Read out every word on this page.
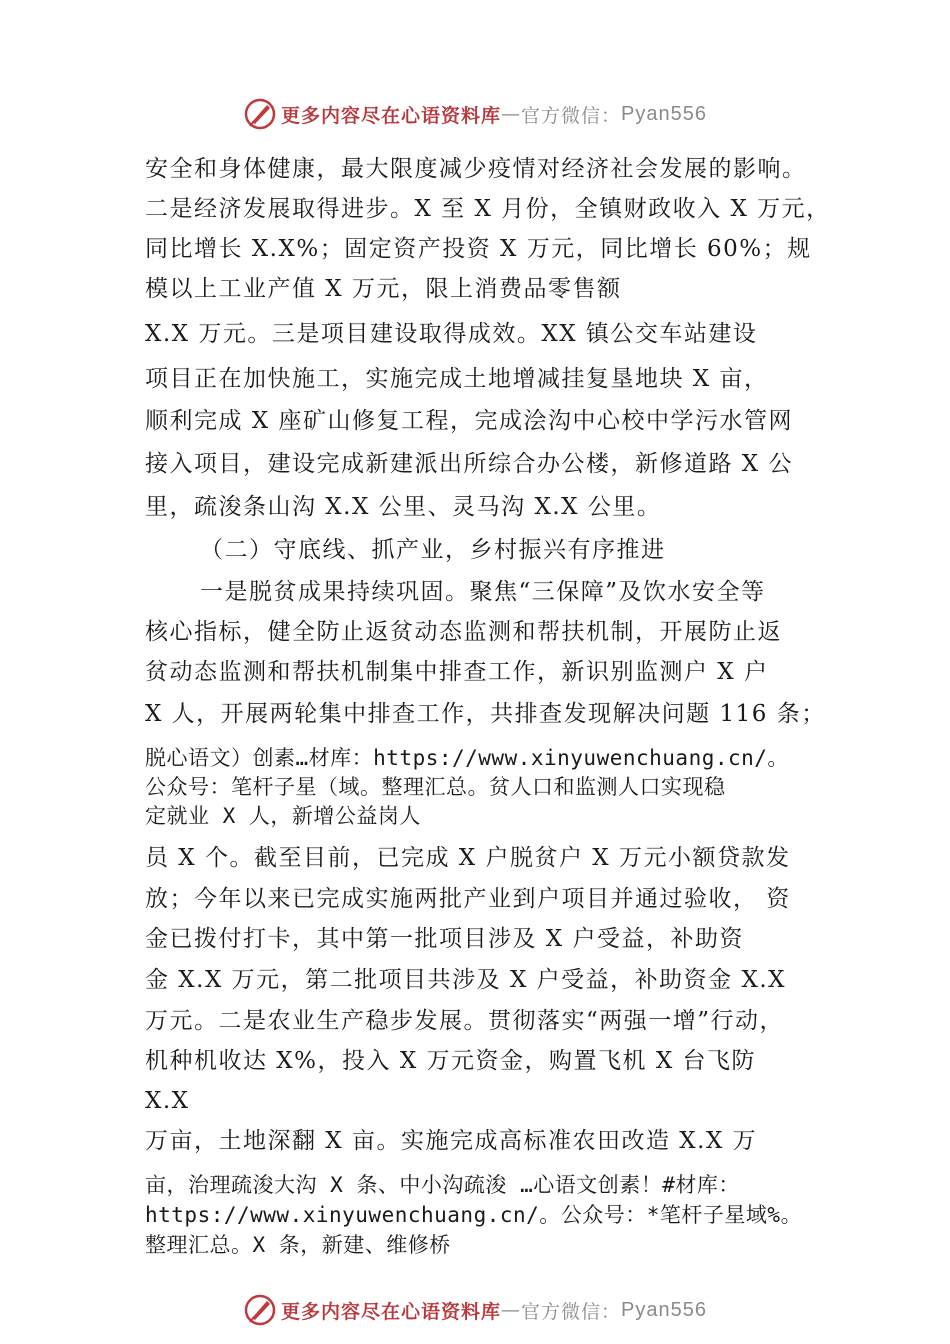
更多内容尽在心语资料库 — 官方微信： Pyan556
安全和身体健康，最大限度减少疫情对经济社会发展的影响。
二是经济发展取得进步。X 至 X 月份，全镇财政收入 X 万元，
同比增长 X.X%；固定资产投资 X 万元，同比增长 60%；规
模以上工业产值 X 万元，限上消费品零售额
X.X 万元。三是项目建设取得成效。XX 镇公交车站建设
项目正在加快施工，实施完成土地增减挂复垦地块 X 亩，
顺利完成 X 座矿山修复工程，完成浍沟中心校中学污水管网
接入项目，建设完成新建派出所综合办公楼，新修道路 X 公
里，疏浚条山沟 X.X 公里、灵马沟 X.X 公里。
（二）守底线、抓产业，乡村振兴有序推进
一是脱贫成果持续巩固。聚焦“三保障”及饮水安全等
核心指标，健全防止返贫动态监测和帮扶机制，开展防止返
贫动态监测和帮扶机制集中排查工作，新识别监测户 X 户
X 人，开展两轮集中排查工作，共排查发现解决问题 116 条；
脱心语文）创素…材库：https://www.xinyuwenchuang.cn/。
公众号：笔杆子星（域。整理汇总。贫人口和监测人口实现稳
定就业 X 人，新增公益岗人
员 X 个。截至目前，已完成 X 户脱贫户 X 万元小额贷款发
放；今年以来已完成实施两批产业到户项目并通过验收， 资
金已拨付打卡，其中第一批项目涉及 X 户受益，补助资
金 X.X 万元，第二批项目共涉及 X 户受益，补助资金 X.X
万元。二是农业生产稳步发展。贯彻落实“两强一增”行动，
机种机收达 X%，投入 X 万元资金，购置飞机 X 台飞防
X.X
万亩，土地深翻 X 亩。实施完成高标准农田改造 X.X 万
亩，治理疏浚大沟 X 条、中小沟疏浚 …心语文创素！#材库：
https://www.xinyuwenchuang.cn/。公众号：*笔杆子星域%。
整理汇总。X 条，新建、维修桥
更多内容尽在心语资料库 — 官方微信： Pyan556
